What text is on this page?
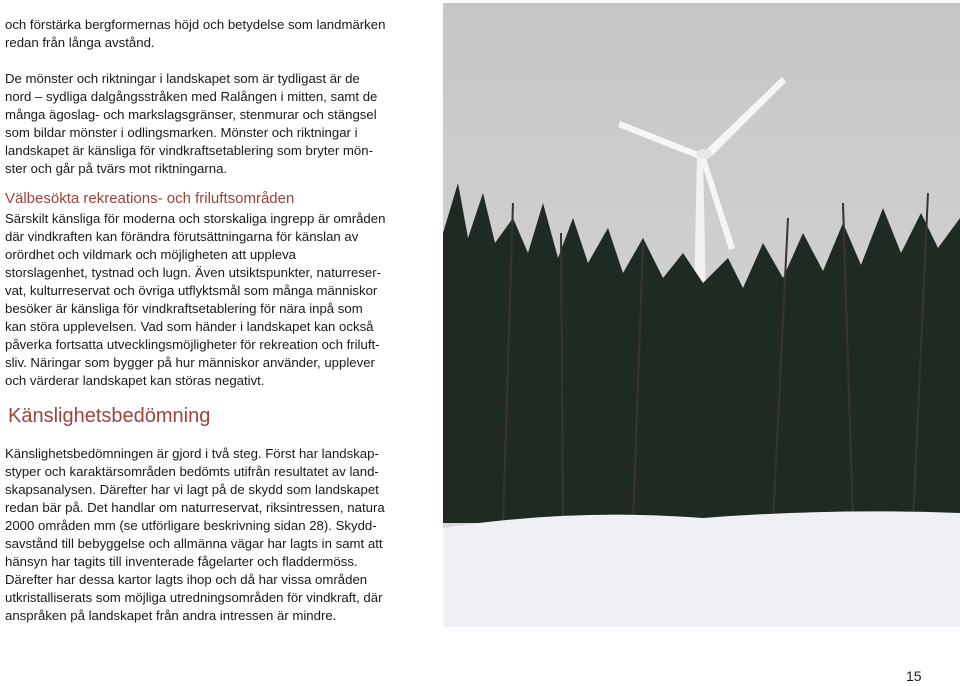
och förstärka bergformernas höjd och betydelse som landmärken
redan från långa avstånd.

De mönster och riktningar i landskapet som är tydligast är de
nord – sydliga dalgångsstråken med Ralången i mitten, samt de
många ägoslag- och markslagsgränser, stenmurar och stängsel
som bildar mönster i odlingsmarken. Mönster och riktningar i
landskapet är känsliga för vindkraftsetablering som bryter mön-
ster och går på tvärs mot riktningarna.

Välbesökta rekreations- och friluftsområden

Särskilt känsliga för moderna och storskaliga ingrepp är områden
där vindkraften kan förändra förutsättningarna för känslan av
orördhet och vildmark och möjligheten att uppleva
storslagenhet, tystnad och lugn. Även utsiktspunkter, naturreser-
vat, kulturreservat och övriga utflyktsmål som många människor
besöker är känsliga för vindkraftsetablering för nära inpå som
kan störa upplevelsen. Vad som händer i landskapet kan också
påverka fortsatta utvecklingsmöjligheter för rekreation och friluft-
sliv. Näringar som bygger på hur människor använder, upplever
och värderar landskapet kan störas negativt.

Känslighetsbedömning

Känslighetsbedömningen är gjord i två steg. Först har landskap-
styper och karaktärsområden bedömts utifrån resultatet av land-
skapsanalysen. Därefter har vi lagt på de skydd som landskapet
redan bär på. Det handlar om naturreservat, riksintressen, natura
2000 områden mm (se utförligare beskrivning sidan 28). Skydd-
savstånd till bebyggelse och allmänna vägar har lagts in samt att
hänsyn har tagits till inventerade fågelarter och fladdermöss.
Därefter har dessa kartor lagts ihop och då har vissa områden
utkristalliserats som möjliga utredningsområden för vindkraft, där
anspråken på landskapet från andra intressen är mindre.

15
